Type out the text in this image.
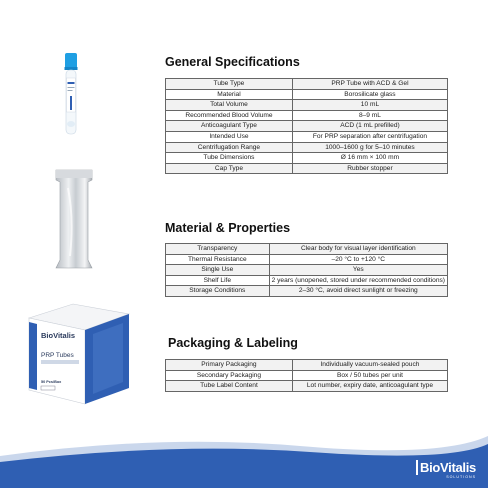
BioVitalis
PRP Tubes
50 Pcs/Box
General Specifications
Tube Type	PRP Tube with ACD & Gel
Material	Borosilicate glass
Total Volume	10 mL
Recommended Blood Volume	8–9 mL
Anticoagulant Type	ACD (1 mL prefilled)
Intended Use	For PRP separation after centrifugation
Centrifugation Range	1000–1600 g for 5–10 minutes
Tube Dimensions	Ø 16 mm × 100 mm
Cap Type	Rubber stopper
Material & Properties
Transparency	Clear body for visual layer identification
Thermal Resistance	–20 °C to +120 °C
Single Use	Yes
Shelf Life	2 years (unopened, stored under recommended conditions)
Storage Conditions	2–30 °C, avoid direct sunlight or freezing
Packaging & Labeling
Primary Packaging	Individually vacuum-sealed pouch
Secondary Packaging	Box / 50 tubes per unit
Tube Label Content	Lot number, expiry date, anticoagulant type
BioVitalis
SOLUTIONS
